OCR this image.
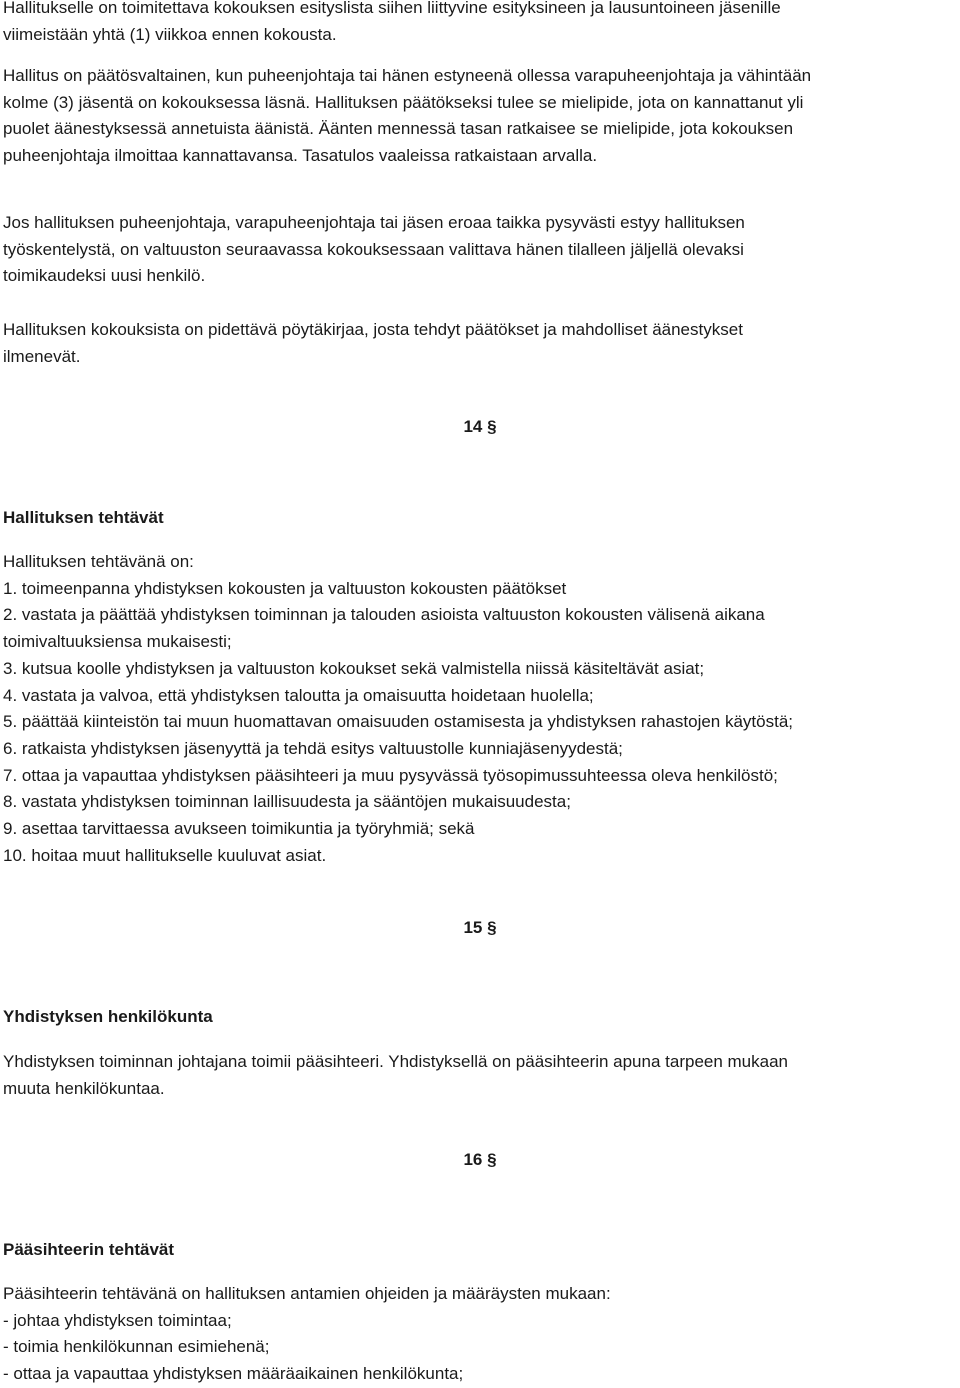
Hallitukselle on toimitettava kokouksen esityslista siihen liittyvine esityksineen ja lausuntoineen jäsenille
viimeistään yhtä (1) viikkoa ennen kokousta.

Hallitus on päätösvaltainen, kun puheenjohtaja tai hänen estyneenä ollessa varapuheenjohtaja ja vähintään
kolme (3) jäsentä on kokouksessa läsnä. Hallituksen päätökseksi tulee se mielipide, jota on kannattanut yli
puolet äänestyksessä annetuista äänistä. Äänten mennessä tasan ratkaisee se mielipide, jota kokouksen
puheenjohtaja ilmoittaa kannattavansa. Tasatulos vaaleissa ratkaistaan arvalla.

Jos hallituksen puheenjohtaja, varapuheenjohtaja tai jäsen eroaa taikka pysyvästi estyy hallituksen
työskentelystä, on valtuuston seuraavassa kokouksessaan valittava hänen tilalleen jäljellä olevaksi
toimikaudeksi uusi henkilö.

Hallituksen kokouksista on pidettävä pöytäkirjaa, josta tehdyt päätökset ja mahdolliset äänestykset
ilmenevät.

14 §

Hallituksen tehtävät

Hallituksen tehtävänä on:
1. toimeenpanna yhdistyksen kokousten ja valtuuston kokousten päätökset
2. vastata ja päättää yhdistyksen toiminnan ja talouden asioista valtuuston kokousten välisenä aikana
toimivaltuuksiensa mukaisesti;
3. kutsua koolle yhdistyksen ja valtuuston kokoukset sekä valmistella niissä käsiteltävät asiat;
4. vastata ja valvoa, että yhdistyksen taloutta ja omaisuutta hoidetaan huolella;
5. päättää kiinteistön tai muun huomattavan omaisuuden ostamisesta ja yhdistyksen rahastojen käytöstä;
6. ratkaista yhdistyksen jäsenyyttä ja tehdä esitys valtuustolle kunniajäsenyydestä;
7. ottaa ja vapauttaa yhdistyksen pääsihteeri ja muu pysyvässä työsopimussuhteessa oleva henkilöstö;
8. vastata yhdistyksen toiminnan laillisuudesta ja sääntöjen mukaisuudesta;
9. asettaa tarvittaessa avukseen toimikuntia ja työryhmiä; sekä
10. hoitaa muut hallitukselle kuuluvat asiat.

15 §

Yhdistyksen henkilökunta

Yhdistyksen toiminnan johtajana toimii pääsihteeri. Yhdistyksellä on pääsihteerin apuna tarpeen mukaan
muuta henkilökuntaa.

16 §

Pääsihteerin tehtävät

Pääsihteerin tehtävänä on hallituksen antamien ohjeiden ja määräysten mukaan:
- johtaa yhdistyksen toimintaa;
- toimia henkilökunnan esimiehenä;
- ottaa ja vapauttaa yhdistyksen määräaikainen henkilökunta;
